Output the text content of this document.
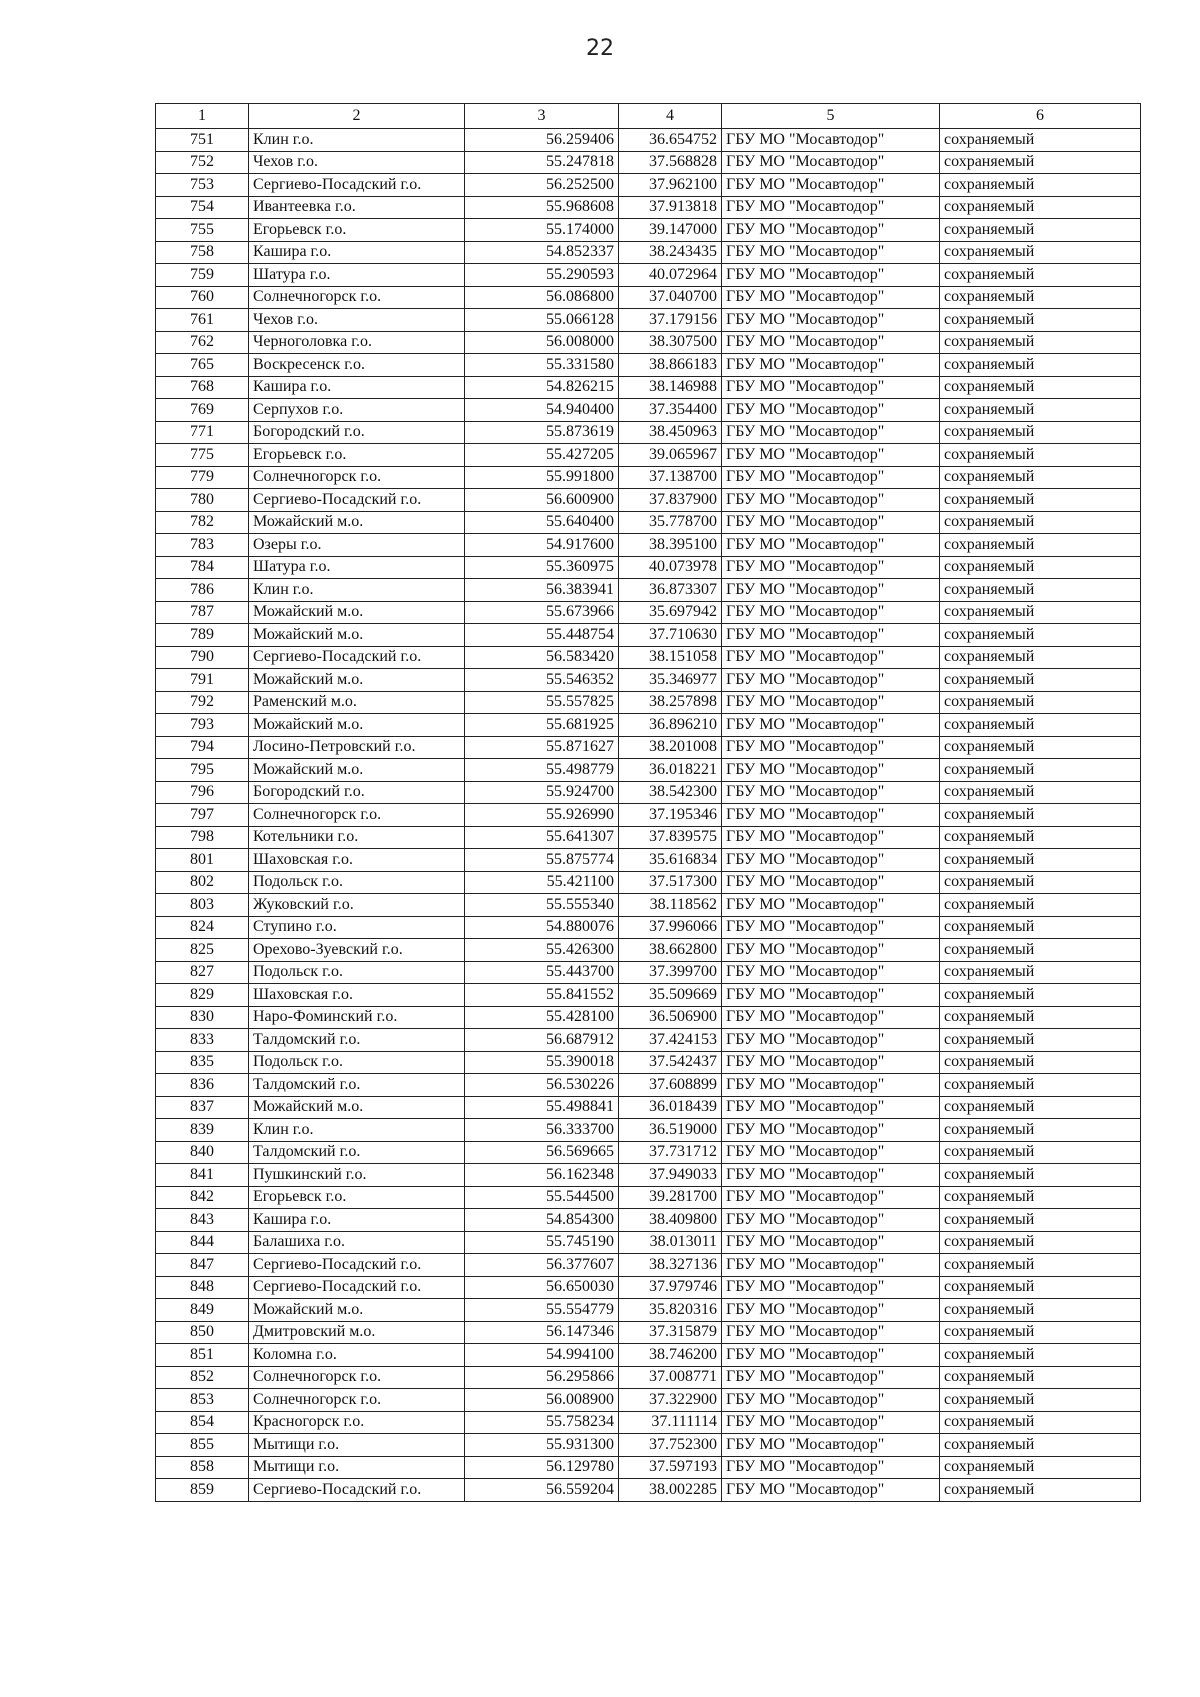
22
1	2	3	4	5	6
751	Клин г.о.	56.259406	36.654752	ГБУ МО "Мосавтодор"	сохраняемый
752	Чехов г.о.	55.247818	37.568828	ГБУ МО "Мосавтодор"	сохраняемый
753	Сергиево-Посадский г.о.	56.252500	37.962100	ГБУ МО "Мосавтодор"	сохраняемый
754	Ивантеевка г.о.	55.968608	37.913818	ГБУ МО "Мосавтодор"	сохраняемый
755	Егорьевск г.о.	55.174000	39.147000	ГБУ МО "Мосавтодор"	сохраняемый
758	Кашира г.о.	54.852337	38.243435	ГБУ МО "Мосавтодор"	сохраняемый
759	Шатура г.о.	55.290593	40.072964	ГБУ МО "Мосавтодор"	сохраняемый
760	Солнечногорск г.о.	56.086800	37.040700	ГБУ МО "Мосавтодор"	сохраняемый
761	Чехов г.о.	55.066128	37.179156	ГБУ МО "Мосавтодор"	сохраняемый
762	Черноголовка г.о.	56.008000	38.307500	ГБУ МО "Мосавтодор"	сохраняемый
765	Воскресенск г.о.	55.331580	38.866183	ГБУ МО "Мосавтодор"	сохраняемый
768	Кашира г.о.	54.826215	38.146988	ГБУ МО "Мосавтодор"	сохраняемый
769	Серпухов г.о.	54.940400	37.354400	ГБУ МО "Мосавтодор"	сохраняемый
771	Богородский г.о.	55.873619	38.450963	ГБУ МО "Мосавтодор"	сохраняемый
775	Егорьевск г.о.	55.427205	39.065967	ГБУ МО "Мосавтодор"	сохраняемый
779	Солнечногорск г.о.	55.991800	37.138700	ГБУ МО "Мосавтодор"	сохраняемый
780	Сергиево-Посадский г.о.	56.600900	37.837900	ГБУ МО "Мосавтодор"	сохраняемый
782	Можайский м.о.	55.640400	35.778700	ГБУ МО "Мосавтодор"	сохраняемый
783	Озеры г.о.	54.917600	38.395100	ГБУ МО "Мосавтодор"	сохраняемый
784	Шатура г.о.	55.360975	40.073978	ГБУ МО "Мосавтодор"	сохраняемый
786	Клин г.о.	56.383941	36.873307	ГБУ МО "Мосавтодор"	сохраняемый
787	Можайский м.о.	55.673966	35.697942	ГБУ МО "Мосавтодор"	сохраняемый
789	Можайский м.о.	55.448754	37.710630	ГБУ МО "Мосавтодор"	сохраняемый
790	Сергиево-Посадский г.о.	56.583420	38.151058	ГБУ МО "Мосавтодор"	сохраняемый
791	Можайский м.о.	55.546352	35.346977	ГБУ МО "Мосавтодор"	сохраняемый
792	Раменский м.о.	55.557825	38.257898	ГБУ МО "Мосавтодор"	сохраняемый
793	Можайский м.о.	55.681925	36.896210	ГБУ МО "Мосавтодор"	сохраняемый
794	Лосино-Петровский г.о.	55.871627	38.201008	ГБУ МО "Мосавтодор"	сохраняемый
795	Можайский м.о.	55.498779	36.018221	ГБУ МО "Мосавтодор"	сохраняемый
796	Богородский г.о.	55.924700	38.542300	ГБУ МО "Мосавтодор"	сохраняемый
797	Солнечногорск г.о.	55.926990	37.195346	ГБУ МО "Мосавтодор"	сохраняемый
798	Котельники г.о.	55.641307	37.839575	ГБУ МО "Мосавтодор"	сохраняемый
801	Шаховская г.о.	55.875774	35.616834	ГБУ МО "Мосавтодор"	сохраняемый
802	Подольск г.о.	55.421100	37.517300	ГБУ МО "Мосавтодор"	сохраняемый
803	Жуковский г.о.	55.555340	38.118562	ГБУ МО "Мосавтодор"	сохраняемый
824	Ступино г.о.	54.880076	37.996066	ГБУ МО "Мосавтодор"	сохраняемый
825	Орехово-Зуевский г.о.	55.426300	38.662800	ГБУ МО "Мосавтодор"	сохраняемый
827	Подольск г.о.	55.443700	37.399700	ГБУ МО "Мосавтодор"	сохраняемый
829	Шаховская г.о.	55.841552	35.509669	ГБУ МО "Мосавтодор"	сохраняемый
830	Наро-Фоминский г.о.	55.428100	36.506900	ГБУ МО "Мосавтодор"	сохраняемый
833	Талдомский г.о.	56.687912	37.424153	ГБУ МО "Мосавтодор"	сохраняемый
835	Подольск г.о.	55.390018	37.542437	ГБУ МО "Мосавтодор"	сохраняемый
836	Талдомский г.о.	56.530226	37.608899	ГБУ МО "Мосавтодор"	сохраняемый
837	Можайский м.о.	55.498841	36.018439	ГБУ МО "Мосавтодор"	сохраняемый
839	Клин г.о.	56.333700	36.519000	ГБУ МО "Мосавтодор"	сохраняемый
840	Талдомский г.о.	56.569665	37.731712	ГБУ МО "Мосавтодор"	сохраняемый
841	Пушкинский г.о.	56.162348	37.949033	ГБУ МО "Мосавтодор"	сохраняемый
842	Егорьевск г.о.	55.544500	39.281700	ГБУ МО "Мосавтодор"	сохраняемый
843	Кашира г.о.	54.854300	38.409800	ГБУ МО "Мосавтодор"	сохраняемый
844	Балашиха г.о.	55.745190	38.013011	ГБУ МО "Мосавтодор"	сохраняемый
847	Сергиево-Посадский г.о.	56.377607	38.327136	ГБУ МО "Мосавтодор"	сохраняемый
848	Сергиево-Посадский г.о.	56.650030	37.979746	ГБУ МО "Мосавтодор"	сохраняемый
849	Можайский м.о.	55.554779	35.820316	ГБУ МО "Мосавтодор"	сохраняемый
850	Дмитровский м.о.	56.147346	37.315879	ГБУ МО "Мосавтодор"	сохраняемый
851	Коломна г.о.	54.994100	38.746200	ГБУ МО "Мосавтодор"	сохраняемый
852	Солнечногорск г.о.	56.295866	37.008771	ГБУ МО "Мосавтодор"	сохраняемый
853	Солнечногорск г.о.	56.008900	37.322900	ГБУ МО "Мосавтодор"	сохраняемый
854	Красногорск г.о.	55.758234	37.111114	ГБУ МО "Мосавтодор"	сохраняемый
855	Мытищи г.о.	55.931300	37.752300	ГБУ МО "Мосавтодор"	сохраняемый
858	Мытищи г.о.	56.129780	37.597193	ГБУ МО "Мосавтодор"	сохраняемый
859	Сергиево-Посадский г.о.	56.559204	38.002285	ГБУ МО "Мосавтодор"	сохраняемый
